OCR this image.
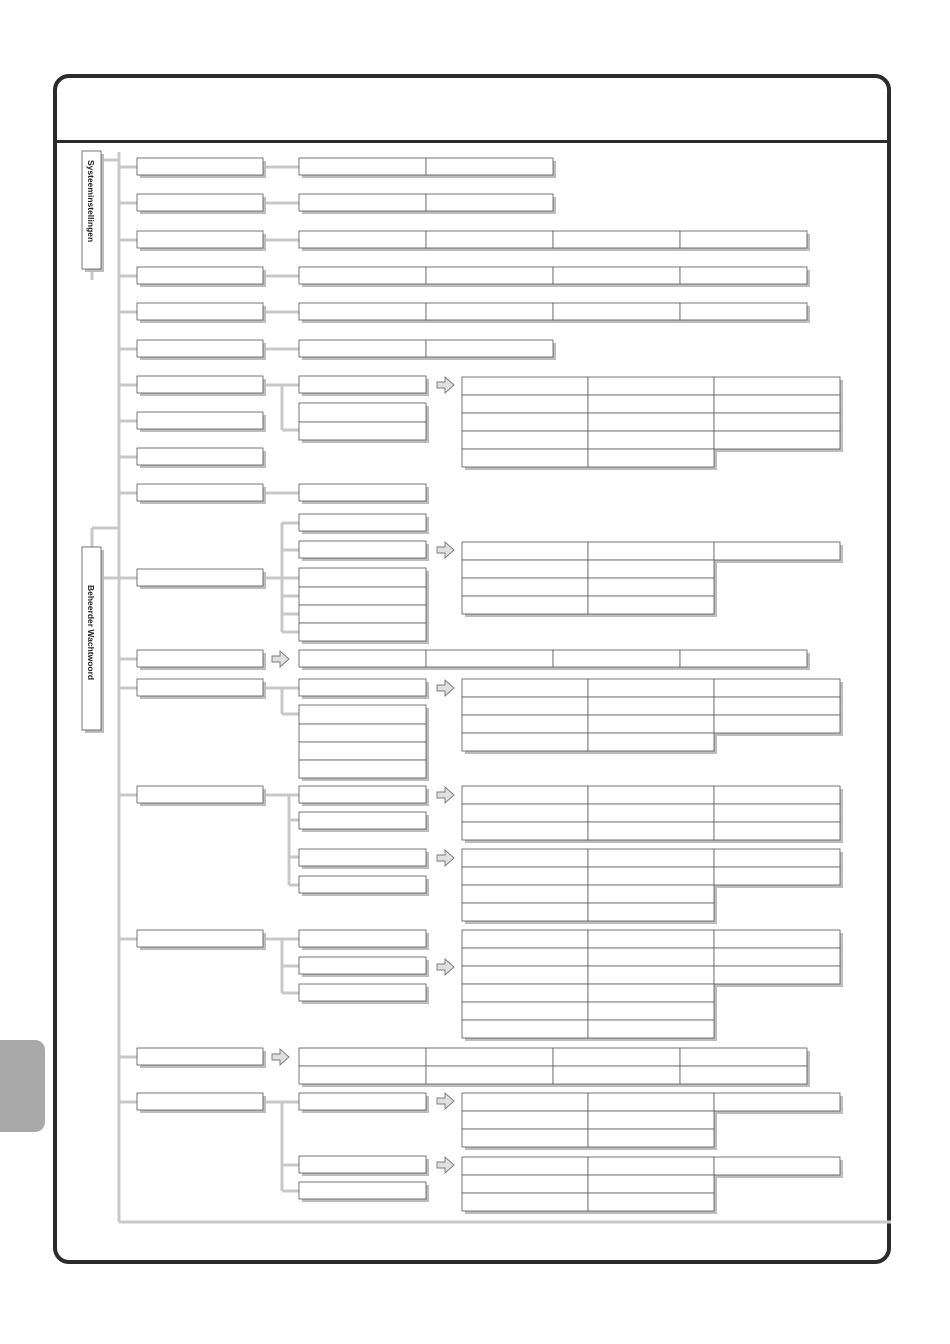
Systeeminstellingen
Beheerder Wachtwoord
